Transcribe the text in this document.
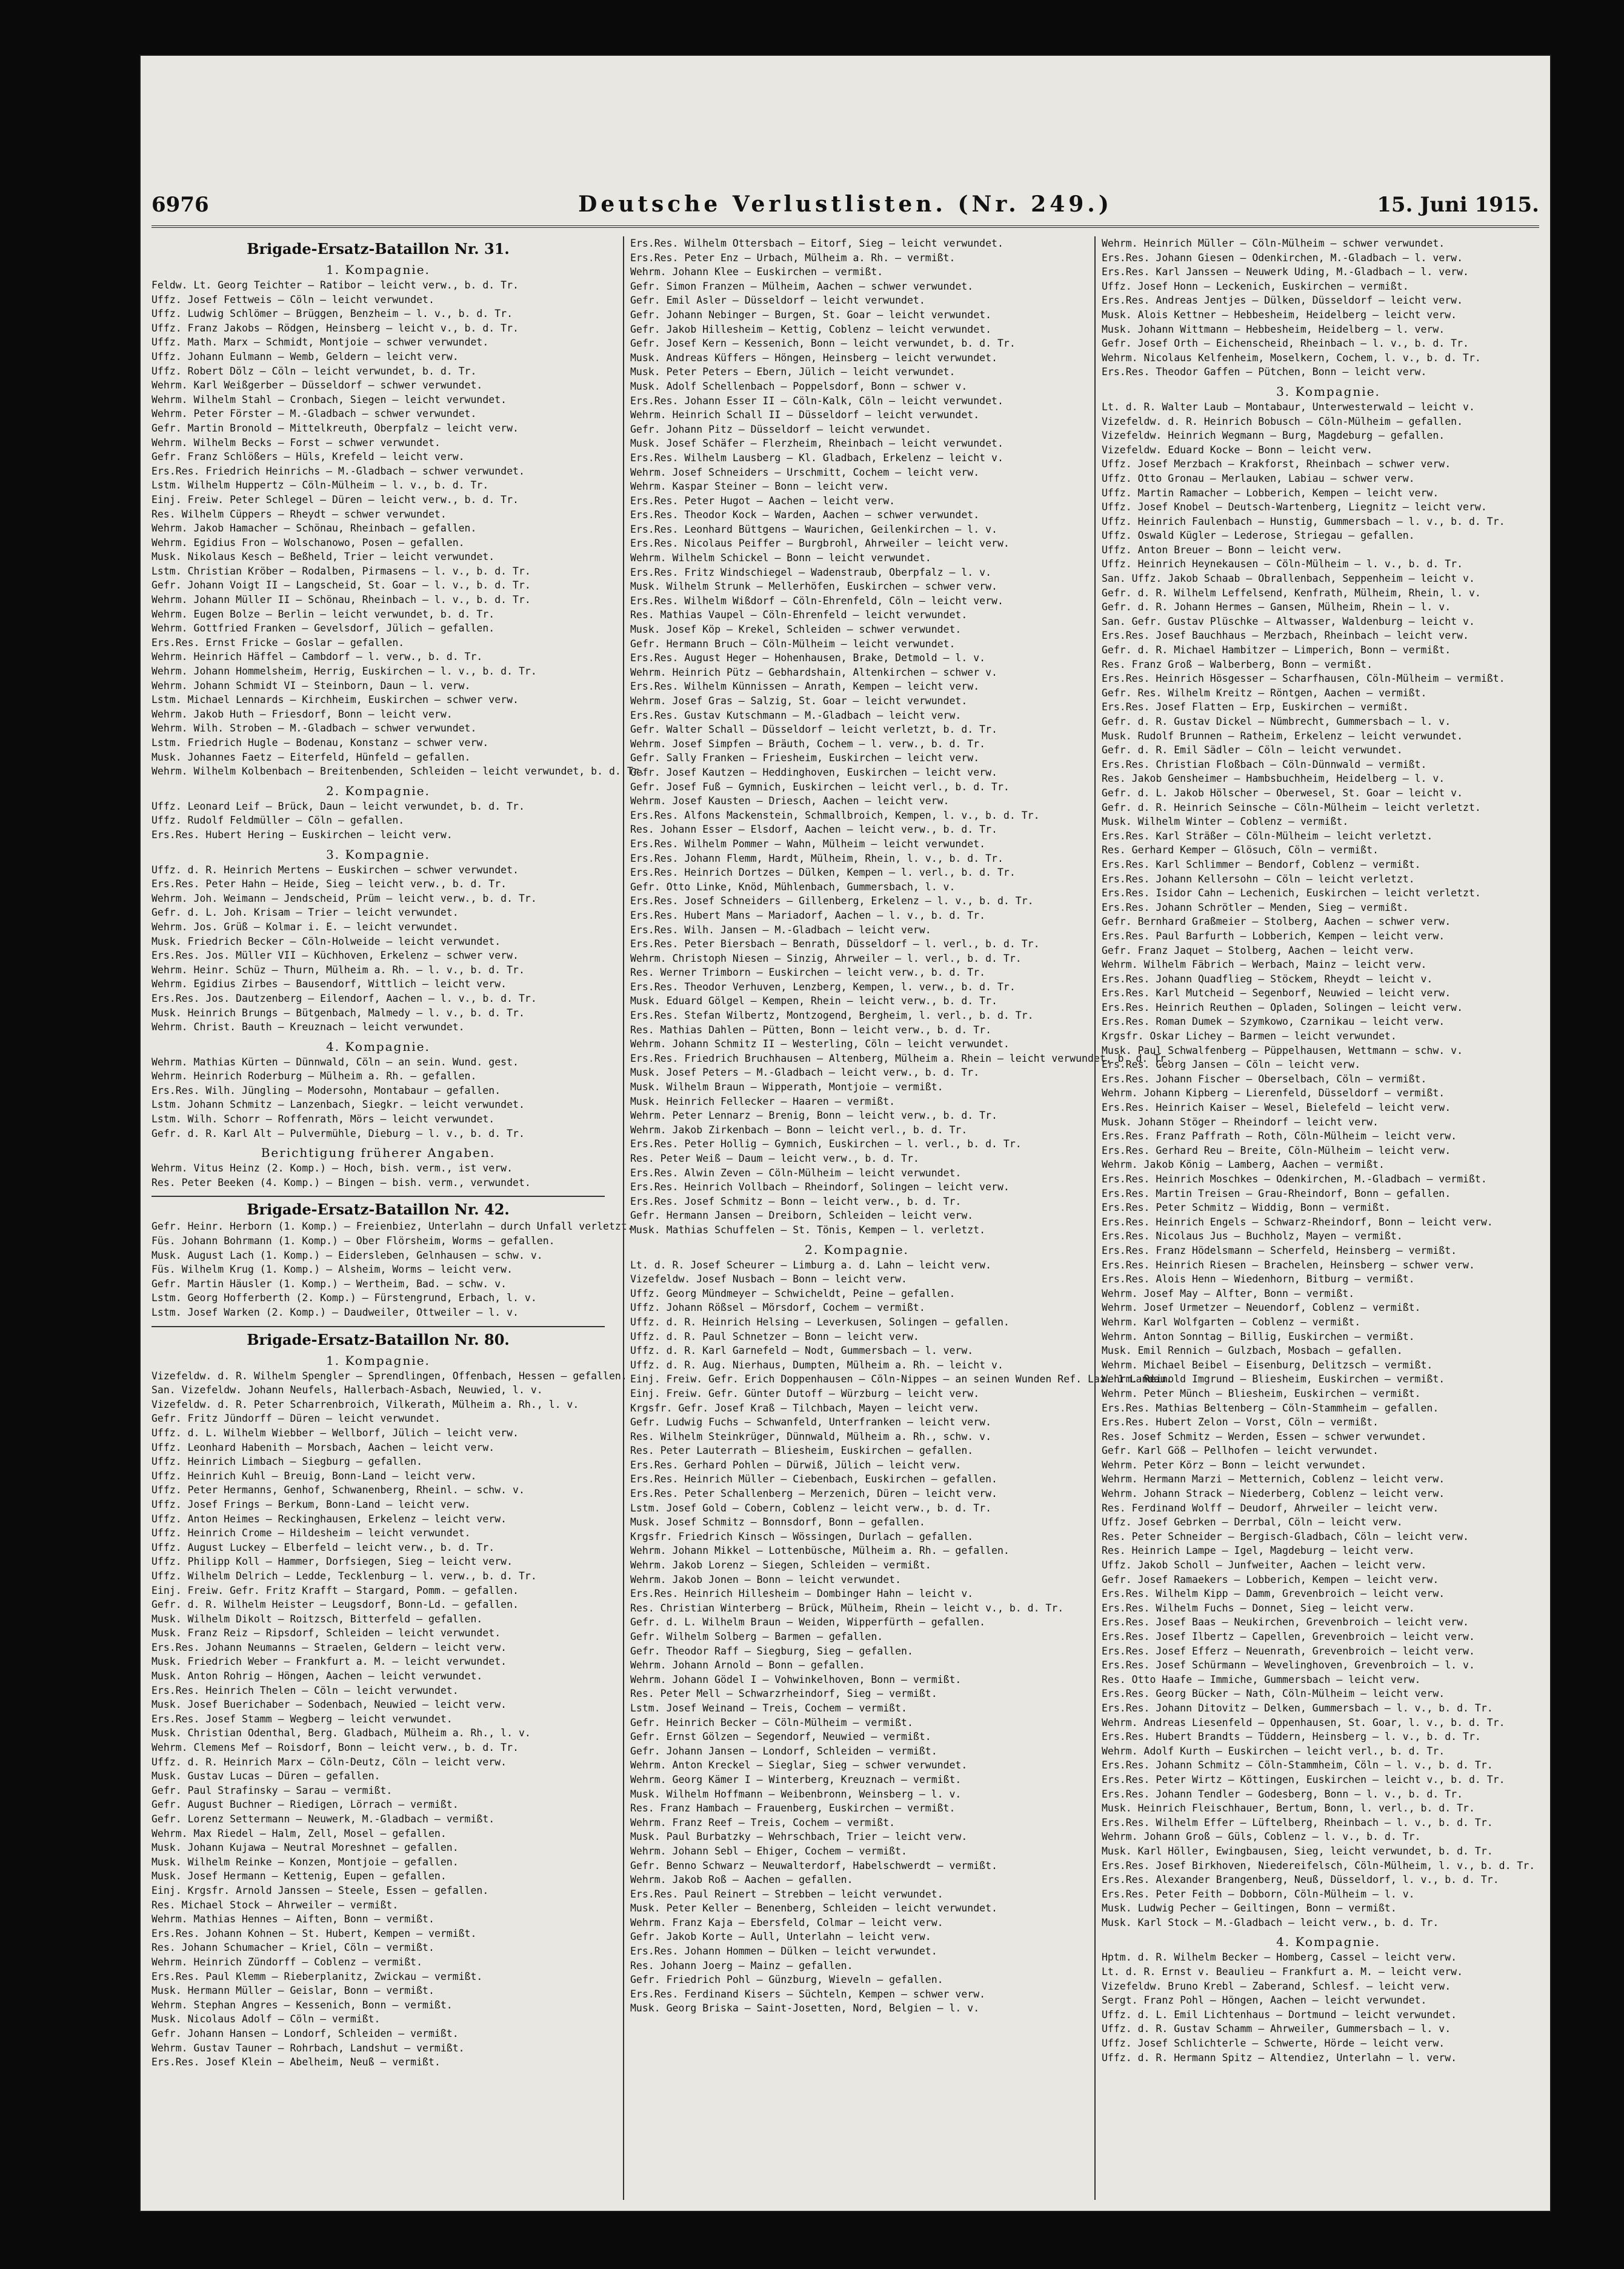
6976	Deutsche Verlustlisten. (Nr. 249.)	15. Juni 1915.
Brigade-Ersatz-Bataillon Nr. 31.
1. Kompagnie.
Feldw. Lt. Georg Teichter — Ratibor — leicht verw., b. d. Tr.
Uffz. Josef Fettweis — Cöln — leicht verwundet.
Uffz. Ludwig Schlömer — Brüggen, Benzheim — l. v., b. d. Tr.
Uffz. Franz Jakobs — Rödgen, Heinsberg — leicht v., b. d. Tr.
Uffz. Math. Marx — Schmidt, Montjoie — schwer verwundet.
Uffz. Johann Eulmann — Wemb, Geldern — leicht verw.
Uffz. Robert Dölz — Cöln — leicht verwundet, b. d. Tr.
Wehrm. Karl Weißgerber — Düsseldorf — schwer verwundet.
Wehrm. Wilhelm Stahl — Cronbach, Siegen — leicht verwundet.
Wehrm. Peter Förster — M.-Gladbach — schwer verwundet.
Gefr. Martin Bronold — Mittelkreuth, Oberpfalz — leicht verw.
Wehrm. Wilhelm Becks — Forst — schwer verwundet.
Gefr. Franz Schlößers — Hüls, Krefeld — leicht verw.
Ers.Res. Friedrich Heinrichs — M.-Gladbach — schwer verwundet.
Lstm. Wilhelm Huppertz — Cöln-Mülheim — l. v., b. d. Tr.
Einj. Freiw. Peter Schlegel — Düren — leicht verw., b. d. Tr.
Res. Wilhelm Cüppers — Rheydt — schwer verwundet.
Wehrm. Jakob Hamacher — Schönau, Rheinbach — gefallen.
Wehrm. Egidius Fron — Wolschanowo, Posen — gefallen.
Musk. Nikolaus Kesch — Beßheld, Trier — leicht verwundet.
Lstm. Christian Kröber — Rodalben, Pirmasens — l. v., b. d. Tr.
Gefr. Johann Voigt II — Langscheid, St. Goar — l. v., b. d. Tr.
Wehrm. Johann Müller II — Schönau, Rheinbach — l. v., b. d. Tr.
Wehrm. Eugen Bolze — Berlin — leicht verwundet, b. d. Tr.
Wehrm. Gottfried Franken — Gevelsdorf, Jülich — gefallen.
Ers.Res. Ernst Fricke — Goslar — gefallen.
Wehrm. Heinrich Häffel — Cambdorf — l. verw., b. d. Tr.
Wehrm. Johann Hommelsheim, Herrig, Euskirchen — l. v., b. d. Tr.
Wehrm. Johann Schmidt VI — Steinborn, Daun — l. verw.
Lstm. Michael Lennards — Kirchheim, Euskirchen — schwer verw.
Wehrm. Jakob Huth — Friesdorf, Bonn — leicht verw.
Wehrm. Wilh. Stroben — M.-Gladbach — schwer verwundet.
Lstm. Friedrich Hugle — Bodenau, Konstanz — schwer verw.
Musk. Johannes Faetz — Eiterfeld, Hünfeld — gefallen.
Wehrm. Wilhelm Kolbenbach — Breitenbenden, Schleiden — leicht verwundet, b. d. Tr.
2. Kompagnie.
Uffz. Leonard Leif — Brück, Daun — leicht verwundet, b. d. Tr.
Uffz. Rudolf Feldmüller — Cöln — gefallen.
Ers.Res. Hubert Hering — Euskirchen — leicht verw.
3. Kompagnie.
Uffz. d. R. Heinrich Mertens — Euskirchen — schwer verwundet.
Ers.Res. Peter Hahn — Heide, Sieg — leicht verw., b. d. Tr.
Wehrm. Joh. Weimann — Jendscheid, Prüm — leicht verw., b. d. Tr.
Gefr. d. L. Joh. Krisam — Trier — leicht verwundet.
Wehrm. Jos. Grüß — Kolmar i. E. — leicht verwundet.
Musk. Friedrich Becker — Cöln-Holweide — leicht verwundet.
Ers.Res. Jos. Müller VII — Küchhoven, Erkelenz — schwer verw.
Wehrm. Heinr. Schüz — Thurn, Mülheim a. Rh. — l. v., b. d. Tr.
Wehrm. Egidius Zirbes — Bausendorf, Wittlich — leicht verw.
Ers.Res. Jos. Dautzenberg — Eilendorf, Aachen — l. v., b. d. Tr.
Musk. Heinrich Brungs — Bütgenbach, Malmedy — l. v., b. d. Tr.
Wehrm. Christ. Bauth — Kreuznach — leicht verwundet.
4. Kompagnie.
Wehrm. Mathias Kürten — Dünnwald, Cöln — an sein. Wund. gest.
Wehrm. Heinrich Roderburg — Mülheim a. Rh. — gefallen.
Ers.Res. Wilh. Jüngling — Modersohn, Montabaur — gefallen.
Lstm. Johann Schmitz — Lanzenbach, Siegkr. — leicht verwundet.
Lstm. Wilh. Schorr — Roffenrath, Mörs — leicht verwundet.
Gefr. d. R. Karl Alt — Pulvermühle, Dieburg — l. v., b. d. Tr.
Berichtigung früherer Angaben.
Wehrm. Vitus Heinz (2. Komp.) — Hoch, bish. verm., ist verw.
Res. Peter Beeken (4. Komp.) — Bingen — bish. verm., verwundet.
Brigade-Ersatz-Bataillon Nr. 42.
Gefr. Heinr. Herborn (1. Komp.) — Freienbiez, Unterlahn — durch Unfall verletzt.
Füs. Johann Bohrmann (1. Komp.) — Ober Flörsheim, Worms — gefallen.
Musk. August Lach (1. Komp.) — Eidersleben, Gelnhausen — schw. v.
Füs. Wilhelm Krug (1. Komp.) — Alsheim, Worms — leicht verw.
Gefr. Martin Häusler (1. Komp.) — Wertheim, Bad. — schw. v.
Lstm. Georg Hofferberth (2. Komp.) — Fürstengrund, Erbach, l. v.
Lstm. Josef Warken (2. Komp.) — Daudweiler, Ottweiler — l. v.
Brigade-Ersatz-Bataillon Nr. 80.
1. Kompagnie.
Vizefeldw. d. R. Wilhelm Spengler — Sprendlingen, Offenbach, Hessen — gefallen.
San. Vizefeldw. Johann Neufels, Hallerbach-Asbach, Neuwied, l. v.
Vizefeldw. d. R. Peter Scharrenbroich, Vilkerath, Mülheim a. Rh., l. v.
Gefr. Fritz Jündorff — Düren — leicht verwundet.
Uffz. d. L. Wilhelm Wiebber — Wellborf, Jülich — leicht verw.
Uffz. Leonhard Habenith — Morsbach, Aachen — leicht verw.
Uffz. Heinrich Limbach — Siegburg — gefallen.
Uffz. Heinrich Kuhl — Breuig, Bonn-Land — leicht verw.
Uffz. Peter Hermanns, Genhof, Schwanenberg, Rheinl. — schw. v.
Uffz. Josef Frings — Berkum, Bonn-Land — leicht verw.
Uffz. Anton Heimes — Reckinghausen, Erkelenz — leicht verw.
Uffz. Heinrich Crome — Hildesheim — leicht verwundet.
Uffz. August Luckey — Elberfeld — leicht verw., b. d. Tr.
Uffz. Philipp Koll — Hammer, Dorfsiegen, Sieg — leicht verw.
Uffz. Wilhelm Delrich — Ledde, Tecklenburg — l. verw., b. d. Tr.
Einj. Freiw. Gefr. Fritz Krafft — Stargard, Pomm. — gefallen.
Gefr. d. R. Wilhelm Heister — Leugsdorf, Bonn-Ld. — gefallen.
Musk. Wilhelm Dikolt — Roitzsch, Bitterfeld — gefallen.
Musk. Franz Reiz — Ripsdorf, Schleiden — leicht verwundet.
Ers.Res. Johann Neumanns — Straelen, Geldern — leicht verw.
Musk. Friedrich Weber — Frankfurt a. M. — leicht verwundet.
Musk. Anton Rohrig — Höngen, Aachen — leicht verwundet.
Ers.Res. Heinrich Thelen — Cöln — leicht verwundet.
Musk. Josef Buerichaber — Sodenbach, Neuwied — leicht verw.
Ers.Res. Josef Stamm — Wegberg — leicht verwundet.
Musk. Christian Odenthal, Berg. Gladbach, Mülheim a. Rh., l. v.
Wehrm. Clemens Mef — Roisdorf, Bonn — leicht verw., b. d. Tr.
Uffz. d. R. Heinrich Marx — Cöln-Deutz, Cöln — leicht verw.
Musk. Gustav Lucas — Düren — gefallen.
Gefr. Paul Strafinsky — Sarau — vermißt.
Gefr. August Buchner — Riedigen, Lörrach — vermißt.
Gefr. Lorenz Settermann — Neuwerk, M.-Gladbach — vermißt.
Wehrm. Max Riedel — Halm, Zell, Mosel — gefallen.
Musk. Johann Kujawa — Neutral Moreshnet — gefallen.
Musk. Wilhelm Reinke — Konzen, Montjoie — gefallen.
Musk. Josef Hermann — Kettenig, Eupen — gefallen.
Einj. Krgsfr. Arnold Janssen — Steele, Essen — gefallen.
Res. Michael Stock — Ahrweiler — vermißt.
Wehrm. Mathias Hennes — Aiften, Bonn — vermißt.
Ers.Res. Johann Kohnen — St. Hubert, Kempen — vermißt.
Res. Johann Schumacher — Kriel, Cöln — vermißt.
Wehrm. Heinrich Zündorff — Coblenz — vermißt.
Ers.Res. Paul Klemm — Rieberplanitz, Zwickau — vermißt.
Musk. Hermann Müller — Geislar, Bonn — vermißt.
Wehrm. Stephan Angres — Kessenich, Bonn — vermißt.
Musk. Nicolaus Adolf — Cöln — vermißt.
Gefr. Johann Hansen — Londorf, Schleiden — vermißt.
Wehrm. Gustav Tauner — Rohrbach, Landshut — vermißt.
Ers.Res. Josef Klein — Abelheim, Neuß — vermißt.
Ers.Res. Wilhelm Ottersbach — Eitorf, Sieg — leicht verwundet.
Ers.Res. Peter Enz — Urbach, Mülheim a. Rh. — vermißt.
Wehrm. Johann Klee — Euskirchen — vermißt.
Gefr. Simon Franzen — Mülheim, Aachen — schwer verwundet.
Gefr. Emil Asler — Düsseldorf — leicht verwundet.
Gefr. Johann Nebinger — Burgen, St. Goar — leicht verwundet.
Gefr. Jakob Hillesheim — Kettig, Coblenz — leicht verwundet.
Gefr. Josef Kern — Kessenich, Bonn — leicht verwundet, b. d. Tr.
Musk. Andreas Küffers — Höngen, Heinsberg — leicht verwundet.
Musk. Peter Peters — Ebern, Jülich — leicht verwundet.
Musk. Adolf Schellenbach — Poppelsdorf, Bonn — schwer v.
Ers.Res. Johann Esser II — Cöln-Kalk, Cöln — leicht verwundet.
Wehrm. Heinrich Schall II — Düsseldorf — leicht verwundet.
Gefr. Johann Pitz — Düsseldorf — leicht verwundet.
Musk. Josef Schäfer — Flerzheim, Rheinbach — leicht verwundet.
Ers.Res. Wilhelm Lausberg — Kl. Gladbach, Erkelenz — leicht v.
Wehrm. Josef Schneiders — Urschmitt, Cochem — leicht verw.
Wehrm. Kaspar Steiner — Bonn — leicht verw.
Ers.Res. Peter Hugot — Aachen — leicht verw.
Ers.Res. Theodor Kock — Warden, Aachen — schwer verwundet.
Ers.Res. Leonhard Büttgens — Waurichen, Geilenkirchen — l. v.
Ers.Res. Nicolaus Peiffer — Burgbrohl, Ahrweiler — leicht verw.
Wehrm. Wilhelm Schickel — Bonn — leicht verwundet.
Ers.Res. Fritz Windschiegel — Wadenstraub, Oberpfalz — l. v.
Musk. Wilhelm Strunk — Mellerhöfen, Euskirchen — schwer verw.
Ers.Res. Wilhelm Wißdorf — Cöln-Ehrenfeld, Cöln — leicht verw.
Res. Mathias Vaupel — Cöln-Ehrenfeld — leicht verwundet.
Musk. Josef Köp — Krekel, Schleiden — schwer verwundet.
Gefr. Hermann Bruch — Cöln-Mülheim — leicht verwundet.
Ers.Res. August Heger — Hohenhausen, Brake, Detmold — l. v.
Wehrm. Heinrich Pütz — Gebhardshain, Altenkirchen — schwer v.
Ers.Res. Wilhelm Künnissen — Anrath, Kempen — leicht verw.
Wehrm. Josef Gras — Salzig, St. Goar — leicht verwundet.
Ers.Res. Gustav Kutschmann — M.-Gladbach — leicht verw.
Gefr. Walter Schall — Düsseldorf — leicht verletzt, b. d. Tr.
Wehrm. Josef Simpfen — Bräuth, Cochem — l. verw., b. d. Tr.
Gefr. Sally Franken — Friesheim, Euskirchen — leicht verw.
Gefr. Josef Kautzen — Heddinghoven, Euskirchen — leicht verw.
Gefr. Josef Fuß — Gymnich, Euskirchen — leicht verl., b. d. Tr.
Wehrm. Josef Kausten — Driesch, Aachen — leicht verw.
Ers.Res. Alfons Mackenstein, Schmallbroich, Kempen, l. v., b. d. Tr.
Res. Johann Esser — Elsdorf, Aachen — leicht verw., b. d. Tr.
Ers.Res. Wilhelm Pommer — Wahn, Mülheim — leicht verwundet.
Ers.Res. Johann Flemm, Hardt, Mülheim, Rhein, l. v., b. d. Tr.
Ers.Res. Heinrich Dortzes — Dülken, Kempen — l. verl., b. d. Tr.
Gefr. Otto Linke, Knöd, Mühlenbach, Gummersbach, l. v.
Ers.Res. Josef Schneiders — Gillenberg, Erkelenz — l. v., b. d. Tr.
Ers.Res. Hubert Mans — Mariadorf, Aachen — l. v., b. d. Tr.
Ers.Res. Wilh. Jansen — M.-Gladbach — leicht verw.
Ers.Res. Peter Biersbach — Benrath, Düsseldorf — l. verl., b. d. Tr.
Wehrm. Christoph Niesen — Sinzig, Ahrweiler — l. verl., b. d. Tr.
Res. Werner Trimborn — Euskirchen — leicht verw., b. d. Tr.
Ers.Res. Theodor Verhuven, Lenzberg, Kempen, l. verw., b. d. Tr.
Musk. Eduard Gölgel — Kempen, Rhein — leicht verw., b. d. Tr.
Ers.Res. Stefan Wilbertz, Montzogend, Bergheim, l. verl., b. d. Tr.
Res. Mathias Dahlen — Pütten, Bonn — leicht verw., b. d. Tr.
Wehrm. Johann Schmitz II — Westerling, Cöln — leicht verwundet.
Ers.Res. Friedrich Bruchhausen — Altenberg, Mülheim a. Rhein — leicht verwundet, b. d. Tr.
Musk. Josef Peters — M.-Gladbach — leicht verw., b. d. Tr.
Musk. Wilhelm Braun — Wipperath, Montjoie — vermißt.
Musk. Heinrich Fellecker — Haaren — vermißt.
Wehrm. Peter Lennarz — Brenig, Bonn — leicht verw., b. d. Tr.
Wehrm. Jakob Zirkenbach — Bonn — leicht verl., b. d. Tr.
Ers.Res. Peter Hollig — Gymnich, Euskirchen — l. verl., b. d. Tr.
Res. Peter Weiß — Daum — leicht verw., b. d. Tr.
Ers.Res. Alwin Zeven — Cöln-Mülheim — leicht verwundet.
Ers.Res. Heinrich Vollbach — Rheindorf, Solingen — leicht verw.
Ers.Res. Josef Schmitz — Bonn — leicht verw., b. d. Tr.
Gefr. Hermann Jansen — Dreiborn, Schleiden — leicht verw.
Musk. Mathias Schuffelen — St. Tönis, Kempen — l. verletzt.
2. Kompagnie.
Lt. d. R. Josef Scheurer — Limburg a. d. Lahn — leicht verw.
Vizefeldw. Josef Nusbach — Bonn — leicht verw.
Uffz. Georg Mündmeyer — Schwicheldt, Peine — gefallen.
Uffz. Johann Rößsel — Mörsdorf, Cochem — vermißt.
Uffz. d. R. Heinrich Helsing — Leverkusen, Solingen — gefallen.
Uffz. d. R. Paul Schnetzer — Bonn — leicht verw.
Uffz. d. R. Karl Garnefeld — Nodt, Gummersbach — l. verw.
Uffz. d. R. Aug. Nierhaus, Dumpten, Mülheim a. Rh. — leicht v.
Einj. Freiw. Gefr. Erich Doppenhausen — Cöln-Nippes — an seinen Wunden Ref. Laz. 1 Landau.
Einj. Freiw. Gefr. Günter Dutoff — Würzburg — leicht verw.
Krgsfr. Gefr. Josef Kraß — Tilchbach, Mayen — leicht verw.
Gefr. Ludwig Fuchs — Schwanfeld, Unterfranken — leicht verw.
Res. Wilhelm Steinkrüger, Dünnwald, Mülheim a. Rh., schw. v.
Res. Peter Lauterrath — Bliesheim, Euskirchen — gefallen.
Ers.Res. Gerhard Pohlen — Dürwiß, Jülich — leicht verw.
Ers.Res. Heinrich Müller — Ciebenbach, Euskirchen — gefallen.
Ers.Res. Peter Schallenberg — Merzenich, Düren — leicht verw.
Lstm. Josef Gold — Cobern, Coblenz — leicht verw., b. d. Tr.
Musk. Josef Schmitz — Bonnsdorf, Bonn — gefallen.
Krgsfr. Friedrich Kinsch — Wössingen, Durlach — gefallen.
Wehrm. Johann Mikkel — Lottenbüsche, Mülheim a. Rh. — gefallen.
Wehrm. Jakob Lorenz — Siegen, Schleiden — vermißt.
Wehrm. Jakob Jonen — Bonn — leicht verwundet.
Ers.Res. Heinrich Hillesheim — Dombinger Hahn — leicht v.
Res. Christian Winterberg — Brück, Mülheim, Rhein — leicht v., b. d. Tr.
Gefr. d. L. Wilhelm Braun — Weiden, Wipperfürth — gefallen.
Gefr. Wilhelm Solberg — Barmen — gefallen.
Gefr. Theodor Raff — Siegburg, Sieg — gefallen.
Wehrm. Johann Arnold — Bonn — gefallen.
Wehrm. Johann Gödel I — Vohwinkelhoven, Bonn — vermißt.
Res. Peter Mell — Schwarzrheindorf, Sieg — vermißt.
Lstm. Josef Weinand — Treis, Cochem — vermißt.
Gefr. Heinrich Becker — Cöln-Mülheim — vermißt.
Gefr. Ernst Gölzen — Segendorf, Neuwied — vermißt.
Gefr. Johann Jansen — Londorf, Schleiden — vermißt.
Wehrm. Anton Kreckel — Sieglar, Sieg — schwer verwundet.
Wehrm. Georg Kämer I — Winterberg, Kreuznach — vermißt.
Musk. Wilhelm Hoffmann — Weibenbronn, Weinsberg — l. v.
Res. Franz Hambach — Frauenberg, Euskirchen — vermißt.
Wehrm. Franz Reef — Treis, Cochem — vermißt.
Musk. Paul Burbatzky — Wehrschbach, Trier — leicht verw.
Wehrm. Johann Sebl — Ehiger, Cochem — vermißt.
Gefr. Benno Schwarz — Neuwalterdorf, Habelschwerdt — vermißt.
Wehrm. Jakob Roß — Aachen — gefallen.
Ers.Res. Paul Reinert — Strebben — leicht verwundet.
Musk. Peter Keller — Benenberg, Schleiden — leicht verwundet.
Wehrm. Franz Kaja — Ebersfeld, Colmar — leicht verw.
Gefr. Jakob Korte — Aull, Unterlahn — leicht verw.
Ers.Res. Johann Hommen — Dülken — leicht verwundet.
Res. Johann Joerg — Mainz — gefallen.
Gefr. Friedrich Pohl — Günzburg, Wieveln — gefallen.
Ers.Res. Ferdinand Kisers — Süchteln, Kempen — schwer verw.
Musk. Georg Briska — Saint-Josetten, Nord, Belgien — l. v.
Wehrm. Heinrich Müller — Cöln-Mülheim — schwer verwundet.
Ers.Res. Johann Giesen — Odenkirchen, M.-Gladbach — l. verw.
Ers.Res. Karl Janssen — Neuwerk Uding, M.-Gladbach — l. verw.
Uffz. Josef Honn — Leckenich, Euskirchen — vermißt.
Ers.Res. Andreas Jentjes — Dülken, Düsseldorf — leicht verw.
Musk. Alois Kettner — Hebbesheim, Heidelberg — leicht verw.
Musk. Johann Wittmann — Hebbesheim, Heidelberg — l. verw.
Gefr. Josef Orth — Eichenscheid, Rheinbach — l. v., b. d. Tr.
Wehrm. Nicolaus Kelfenheim, Moselkern, Cochem, l. v., b. d. Tr.
Ers.Res. Theodor Gaffen — Pütchen, Bonn — leicht verw.
3. Kompagnie.
Lt. d. R. Walter Laub — Montabaur, Unterwesterwald — leicht v.
Vizefeldw. d. R. Heinrich Bobusch — Cöln-Mülheim — gefallen.
Vizefeldw. Heinrich Wegmann — Burg, Magdeburg — gefallen.
Vizefeldw. Eduard Kocke — Bonn — leicht verw.
Uffz. Josef Merzbach — Krakforst, Rheinbach — schwer verw.
Uffz. Otto Gronau — Merlauken, Labiau — schwer verw.
Uffz. Martin Ramacher — Lobberich, Kempen — leicht verw.
Uffz. Josef Knobel — Deutsch-Wartenberg, Liegnitz — leicht verw.
Uffz. Heinrich Faulenbach — Hunstig, Gummersbach — l. v., b. d. Tr.
Uffz. Oswald Kügler — Lederose, Striegau — gefallen.
Uffz. Anton Breuer — Bonn — leicht verw.
Uffz. Heinrich Heynekausen — Cöln-Mülheim — l. v., b. d. Tr.
San. Uffz. Jakob Schaab — Obrallenbach, Seppenheim — leicht v.
Gefr. d. R. Wilhelm Leffelsend, Kenfrath, Mülheim, Rhein, l. v.
Gefr. d. R. Johann Hermes — Gansen, Mülheim, Rhein — l. v.
San. Gefr. Gustav Plüschke — Altwasser, Waldenburg — leicht v.
Ers.Res. Josef Bauchhaus — Merzbach, Rheinbach — leicht verw.
Gefr. d. R. Michael Hambitzer — Limperich, Bonn — vermißt.
Res. Franz Groß — Walberberg, Bonn — vermißt.
Ers.Res. Heinrich Hösgesser — Scharfhausen, Cöln-Mülheim — vermißt.
Gefr. Res. Wilhelm Kreitz — Röntgen, Aachen — vermißt.
Ers.Res. Josef Flatten — Erp, Euskirchen — vermißt.
Gefr. d. R. Gustav Dickel — Nümbrecht, Gummersbach — l. v.
Musk. Rudolf Brunnen — Ratheim, Erkelenz — leicht verwundet.
Gefr. d. R. Emil Sädler — Cöln — leicht verwundet.
Ers.Res. Christian Floßbach — Cöln-Dünnwald — vermißt.
Res. Jakob Gensheimer — Hambsbuchheim, Heidelberg — l. v.
Gefr. d. L. Jakob Hölscher — Oberwesel, St. Goar — leicht v.
Gefr. d. R. Heinrich Seinsche — Cöln-Mülheim — leicht verletzt.
Musk. Wilhelm Winter — Coblenz — vermißt.
Ers.Res. Karl Sträßer — Cöln-Mülheim — leicht verletzt.
Res. Gerhard Kemper — Glösuch, Cöln — vermißt.
Ers.Res. Karl Schlimmer — Bendorf, Coblenz — vermißt.
Ers.Res. Johann Kellersohn — Cöln — leicht verletzt.
Ers.Res. Isidor Cahn — Lechenich, Euskirchen — leicht verletzt.
Ers.Res. Johann Schrötler — Menden, Sieg — vermißt.
Gefr. Bernhard Graßmeier — Stolberg, Aachen — schwer verw.
Ers.Res. Paul Barfurth — Lobberich, Kempen — leicht verw.
Gefr. Franz Jaquet — Stolberg, Aachen — leicht verw.
Wehrm. Wilhelm Fäbrich — Werbach, Mainz — leicht verw.
Ers.Res. Johann Quadflieg — Stöckem, Rheydt — leicht v.
Ers.Res. Karl Mutcheid — Segenborf, Neuwied — leicht verw.
Ers.Res. Heinrich Reuthen — Opladen, Solingen — leicht verw.
Ers.Res. Roman Dumek — Szymkowo, Czarnikau — leicht verw.
Krgsfr. Oskar Lichey — Barmen — leicht verwundet.
Musk. Paul Schwalfenberg — Püppelhausen, Wettmann — schw. v.
Ers.Res. Georg Jansen — Cöln — leicht verw.
Ers.Res. Johann Fischer — Oberselbach, Cöln — vermißt.
Wehrm. Johann Kipberg — Lierenfeld, Düsseldorf — vermißt.
Ers.Res. Heinrich Kaiser — Wesel, Bielefeld — leicht verw.
Musk. Johann Stöger — Rheindorf — leicht verw.
Ers.Res. Franz Paffrath — Roth, Cöln-Mülheim — leicht verw.
Ers.Res. Gerhard Reu — Breite, Cöln-Mülheim — leicht verw.
Wehrm. Jakob König — Lamberg, Aachen — vermißt.
Ers.Res. Heinrich Moschkes — Odenkirchen, M.-Gladbach — vermißt.
Ers.Res. Martin Treisen — Grau-Rheindorf, Bonn — gefallen.
Ers.Res. Peter Schmitz — Widdig, Bonn — vermißt.
Ers.Res. Heinrich Engels — Schwarz-Rheindorf, Bonn — leicht verw.
Ers.Res. Nicolaus Jus — Buchholz, Mayen — vermißt.
Ers.Res. Franz Hödelsmann — Scherfeld, Heinsberg — vermißt.
Ers.Res. Heinrich Riesen — Brachelen, Heinsberg — schwer verw.
Ers.Res. Alois Henn — Wiedenhorn, Bitburg — vermißt.
Wehrm. Josef May — Alfter, Bonn — vermißt.
Wehrm. Josef Urmetzer — Neuendorf, Coblenz — vermißt.
Wehrm. Karl Wolfgarten — Coblenz — vermißt.
Wehrm. Anton Sonntag — Billig, Euskirchen — vermißt.
Musk. Emil Rennich — Gulzbach, Mosbach — gefallen.
Wehrm. Michael Beibel — Eisenburg, Delitzsch — vermißt.
Wehrm. Reinold Imgrund — Bliesheim, Euskirchen — vermißt.
Wehrm. Peter Münch — Bliesheim, Euskirchen — vermißt.
Ers.Res. Mathias Beltenberg — Cöln-Stammheim — gefallen.
Ers.Res. Hubert Zelon — Vorst, Cöln — vermißt.
Res. Josef Schmitz — Werden, Essen — schwer verwundet.
Gefr. Karl Göß — Pellhofen — leicht verwundet.
Wehrm. Peter Körz — Bonn — leicht verwundet.
Wehrm. Hermann Marzi — Metternich, Coblenz — leicht verw.
Wehrm. Johann Strack — Niederberg, Coblenz — leicht verw.
Res. Ferdinand Wolff — Deudorf, Ahrweiler — leicht verw.
Uffz. Josef Gebrken — Derrbal, Cöln — leicht verw.
Res. Peter Schneider — Bergisch-Gladbach, Cöln — leicht verw.
Res. Heinrich Lampe — Igel, Magdeburg — leicht verw.
Uffz. Jakob Scholl — Junfweiter, Aachen — leicht verw.
Gefr. Josef Ramaekers — Lobberich, Kempen — leicht verw.
Ers.Res. Wilhelm Kipp — Damm, Grevenbroich — leicht verw.
Ers.Res. Wilhelm Fuchs — Donnet, Sieg — leicht verw.
Ers.Res. Josef Baas — Neukirchen, Grevenbroich — leicht verw.
Ers.Res. Josef Ilbertz — Capellen, Grevenbroich — leicht verw.
Ers.Res. Josef Efferz — Neuenrath, Grevenbroich — leicht verw.
Ers.Res. Josef Schürmann — Wevelinghoven, Grevenbroich — l. v.
Res. Otto Haafe — Immiche, Gummersbach — leicht verw.
Ers.Res. Georg Bücker — Nath, Cöln-Mülheim — leicht verw.
Ers.Res. Johann Ditovitz — Delken, Gummersbach — l. v., b. d. Tr.
Wehrm. Andreas Liesenfeld — Oppenhausen, St. Goar, l. v., b. d. Tr.
Ers.Res. Hubert Brandts — Tüddern, Heinsberg — l. v., b. d. Tr.
Wehrm. Adolf Kurth — Euskirchen — leicht verl., b. d. Tr.
Ers.Res. Johann Schmitz — Cöln-Stammheim, Cöln — l. v., b. d. Tr.
Ers.Res. Peter Wirtz — Köttingen, Euskirchen — leicht v., b. d. Tr.
Ers.Res. Johann Tendler — Godesberg, Bonn — l. v., b. d. Tr.
Musk. Heinrich Fleischhauer, Bertum, Bonn, l. verl., b. d. Tr.
Ers.Res. Wilhelm Effer — Lüftelberg, Rheinbach — l. v., b. d. Tr.
Wehrm. Johann Groß — Güls, Coblenz — l. v., b. d. Tr.
Musk. Karl Höller, Ewingbausen, Sieg, leicht verwundet, b. d. Tr.
Ers.Res. Josef Birkhoven, Niedereifelsch, Cöln-Mülheim, l. v., b. d. Tr.
Ers.Res. Alexander Brangenberg, Neuß, Düsseldorf, l. v., b. d. Tr.
Ers.Res. Peter Feith — Dobborn, Cöln-Mülheim — l. v.
Musk. Ludwig Pecher — Geiltingen, Bonn — vermißt.
Musk. Karl Stock — M.-Gladbach — leicht verw., b. d. Tr.
4. Kompagnie.
Hptm. d. R. Wilhelm Becker — Homberg, Cassel — leicht verw.
Lt. d. R. Ernst v. Beaulieu — Frankfurt a. M. — leicht verw.
Vizefeldw. Bruno Krebl — Zaberand, Schlesf. — leicht verw.
Sergt. Franz Pohl — Höngen, Aachen — leicht verwundet.
Uffz. d. L. Emil Lichtenhaus — Dortmund — leicht verwundet.
Uffz. d. R. Gustav Schamm — Ahrweiler, Gummersbach — l. v.
Uffz. Josef Schlichterle — Schwerte, Hörde — leicht verw.
Uffz. d. R. Hermann Spitz — Altendiez, Unterlahn — l. verw.
